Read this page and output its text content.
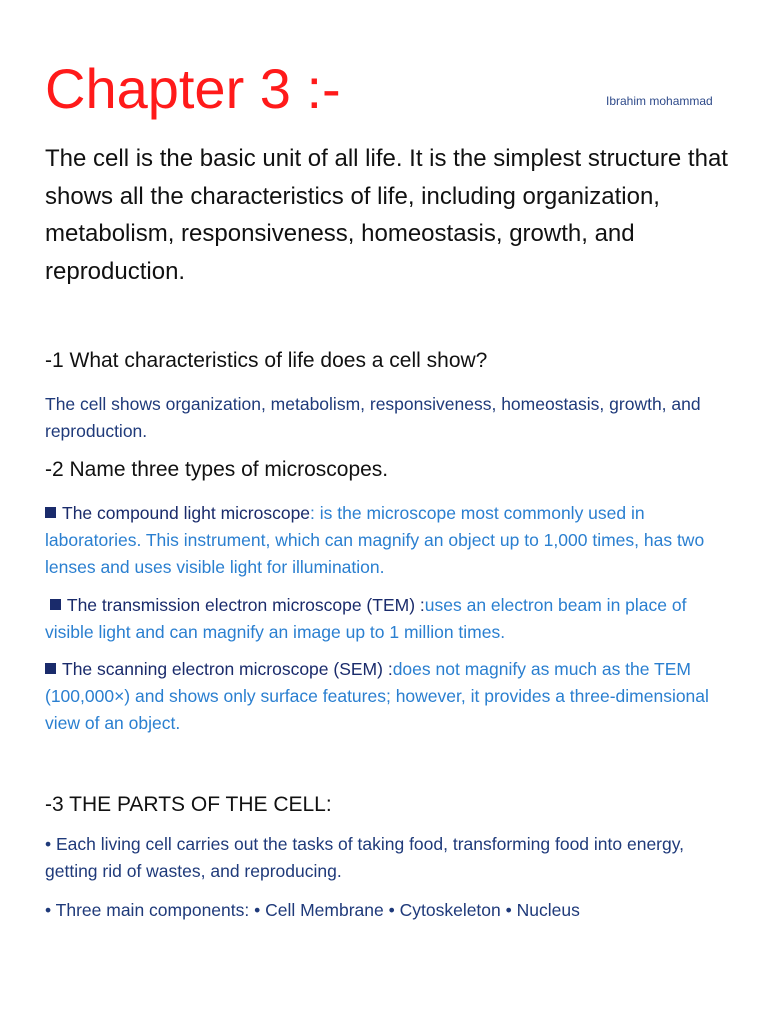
Chapter 3 :-	Ibrahim mohammad
The cell is the basic unit of all life. It is the simplest structure that shows all the characteristics of life, including organization, metabolism, responsiveness, homeostasis, growth, and reproduction.
-1 What characteristics of life does a cell show?
The cell shows organization, metabolism, responsiveness, homeostasis, growth, and reproduction.
-2 Name three types of microscopes.
The compound light microscope: is the microscope most commonly used in laboratories. This instrument, which can magnify an object up to 1,000 times, has two lenses and uses visible light for illumination.
The transmission electron microscope (TEM) :uses an electron beam in place of visible light and can magnify an image up to 1 million times.
The scanning electron microscope (SEM) :does not magnify as much as the TEM (100,000×) and shows only surface features; however, it provides a three-dimensional view of an object.
-3 THE PARTS OF THE CELL:
• Each living cell carries out the tasks of taking food, transforming food into energy, getting rid of wastes, and reproducing.
• Three main components: • Cell Membrane • Cytoskeleton • Nucleus
